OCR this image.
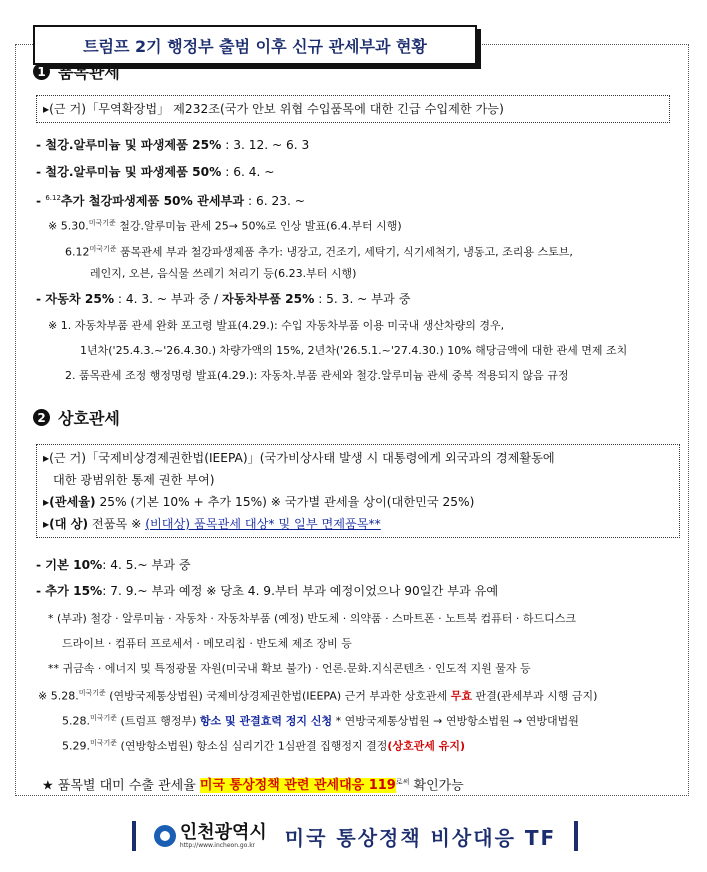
트럼프 2기 행정부 출범 이후 신규 관세부과 현황
1 품목관세
▸(근 거)「무역확장법」 제232조(국가 안보 위협 수입품목에 대한 긴급 수입제한 가능)
- 철강.알루미늄 및 파생제품 25% : 3. 12. ~ 6. 3
- 철강.알루미늄 및 파생제품 50% : 6. 4. ~
- $^{6.12}$추가 철강파생제품 50% 관세부과 : 6. 23. ~
※ 5.30.$^{미국기준}$ 철강.알루미늄 관세 25→ 50%로 인상 발표(6.4.부터 시행)
$6.12^{미국기준}$ 품목관세 부과 철강파생제품 추가: 냉장고, 건조기, 세탁기, 식기세척기, 냉동고, 조리용 스토브,
레인지, 오븐, 음식물 쓰레기 처리기 등(6.23.부터 시행)
- 자동차 25% : 4. 3. ~ 부과 중 / 자동차부품 25% : 5. 3. ~ 부과 중
※ 1. 자동차부품 관세 완화 포고령 발표(4.29.): 수입 자동차부품 이용 미국내 생산차량의 경우,
1년차('25.4.3.~'26.4.30.) 차량가액의 15%, 2년차('26.5.1.~'27.4.30.) 10% 해당금액에 대한 관세 면제 조치
2. 품목관세 조정 행정명령 발표(4.29.): 자동차.부품 관세와 철강.알루미늄 관세 중복 적용되지 않음 규정
2 상호관세
▸(근 거)「국제비상경제권한법(IEEPA)」(국가비상사태 발생 시 대통령에게 외국과의 경제활동에
대한 광범위한 통제 권한 부여)
▸(관세율) 25% (기본 10% + 추가 15%) ※ 국가별 관세율 상이(대한민국 25%)
▸(대 상) 전품목 ※ (비대상) 품목관세 대상* 및 일부 면제품목**
- 기본 10%: 4. 5.~ 부과 중
- 추가 15%: 7. 9.~ 부과 예정 ※ 당초 4. 9.부터 부과 예정이었으나 90일간 부과 유예
* (부과) 철강 · 알루미늄 · 자동차 · 자동차부품 (예정) 반도체 · 의약품 · 스마트폰 · 노트북 컴퓨터 · 하드디스크
드라이브 · 컴퓨터 프로세서 · 메모리칩 · 반도체 제조 장비 등
** 귀금속 · 에너지 및 특정광물 자원(미국내 확보 불가) · 언론.문화.지식콘텐츠 · 인도적 지원 물자 등
※ 5.28.$^{미국기준}$ (연방국제통상법원) 국제비상경제권한법(IEEPA) 근거 부과한 상호관세 무효 판결(관세부과 시행 금지)
5.28.$^{미국기준}$ (트럼프 행정부) 항소 및 관결효력 정지 신청 * 연방국제통상법원 → 연방항소법원 → 연방대법원
5.29.$^{미국기준}$ (연방항소법원) 항소심 심리기간 1심판결 집행정지 결정(상호관세 유지)
★ 품목별 대미 수출 관세율 미국 통상정책 관련 관세대응 $119^{로써}$ 확인가능
인천광역시
http://www.incheon.go.kr	미국 통상정책 비상대응 TF
